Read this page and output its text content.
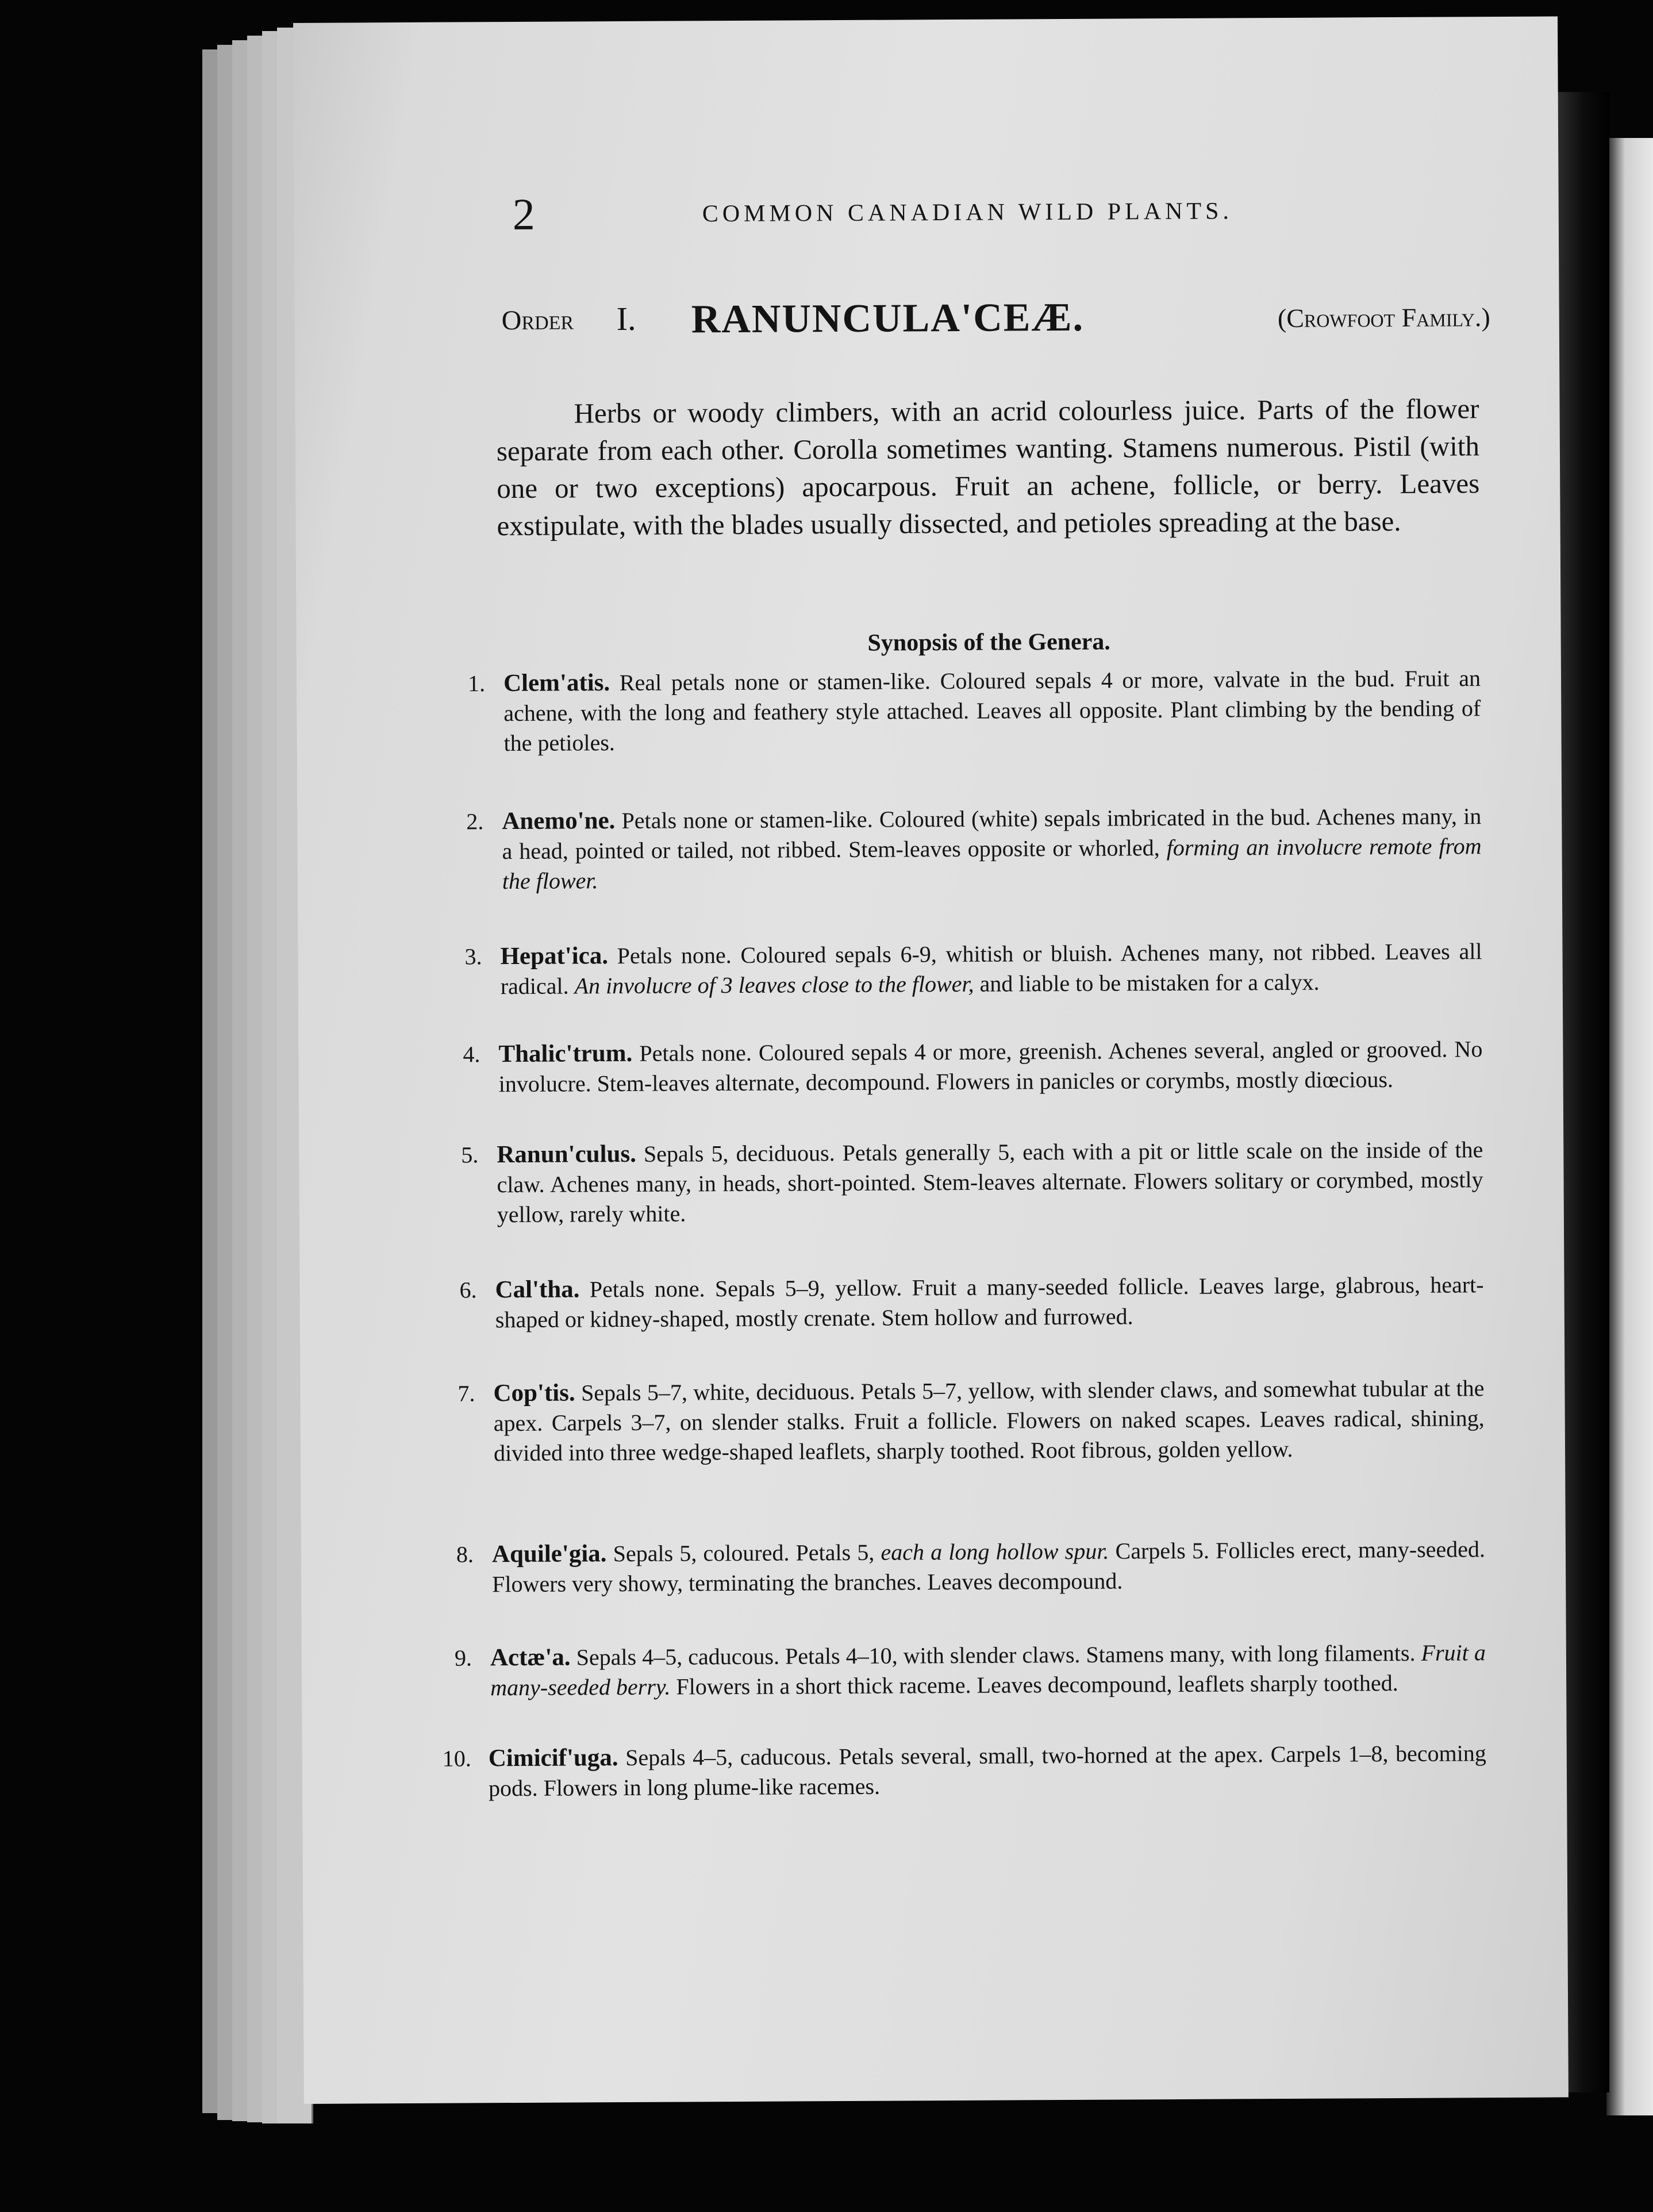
2	COMMON CANADIAN WILD PLANTS.
Order I. RANUNCULA'CEÆ.	(Crowfoot Family.)

Herbs or woody climbers, with an acrid colourless juice. Parts of the flower separate from each other. Corolla sometimes wanting. Stamens numerous. Pistil (with one or two exceptions) apocarpous. Fruit an achene, follicle, or berry. Leaves exstipulate, with the blades usually dissected, and petioles spreading at the base.

Synopsis of the Genera.
1. Clem'atis. Real petals none or stamen-like. Coloured sepals 4 or more, valvate in the bud. Fruit an achene, with the long and feathery style attached. Leaves all opposite. Plant climbing by the bending of the petioles.
2. Anemo'ne. Petals none or stamen-like. Coloured (white) sepals imbricated in the bud. Achenes many, in a head, pointed or tailed, not ribbed. Stem-leaves opposite or whorled, forming an involucre remote from the flower.
3. Hepat'ica. Petals none. Coloured sepals 6-9, whitish or bluish. Achenes many, not ribbed. Leaves all radical. An involucre of 3 leaves close to the flower, and liable to be mistaken for a calyx.
4. Thalic'trum. Petals none. Coloured sepals 4 or more, greenish. Achenes several, angled or grooved. No involucre. Stem-leaves alternate, decompound. Flowers in panicles or corymbs, mostly diœcious.
5. Ranun'culus. Sepals 5, deciduous. Petals generally 5, each with a pit or little scale on the inside of the claw. Achenes many, in heads, short-pointed. Stem-leaves alternate. Flowers solitary or corymbed, mostly yellow, rarely white.
6. Cal'tha. Petals none. Sepals 5–9, yellow. Fruit a many-seeded follicle. Leaves large, glabrous, heart-shaped or kidney-shaped, mostly crenate. Stem hollow and furrowed.
7. Cop'tis. Sepals 5–7, white, deciduous. Petals 5–7, yellow, with slender claws, and somewhat tubular at the apex. Carpels 3–7, on slender stalks. Fruit a follicle. Flowers on naked scapes. Leaves radical, shining, divided into three wedge-shaped leaflets, sharply toothed. Root fibrous, golden yellow.
8. Aquile'gia. Sepals 5, coloured. Petals 5, each a long hollow spur. Carpels 5. Follicles erect, many-seeded. Flowers very showy, terminating the branches. Leaves decompound.
9. Actæ'a. Sepals 4–5, caducous. Petals 4–10, with slender claws. Stamens many, with long filaments. Fruit a many-seeded berry. Flowers in a short thick raceme. Leaves decompound, leaflets sharply toothed.
10. Cimicif'uga. Sepals 4–5, caducous. Petals several, small, two-horned at the apex. Carpels 1–8, becoming pods. Flowers in long plume-like racemes.
